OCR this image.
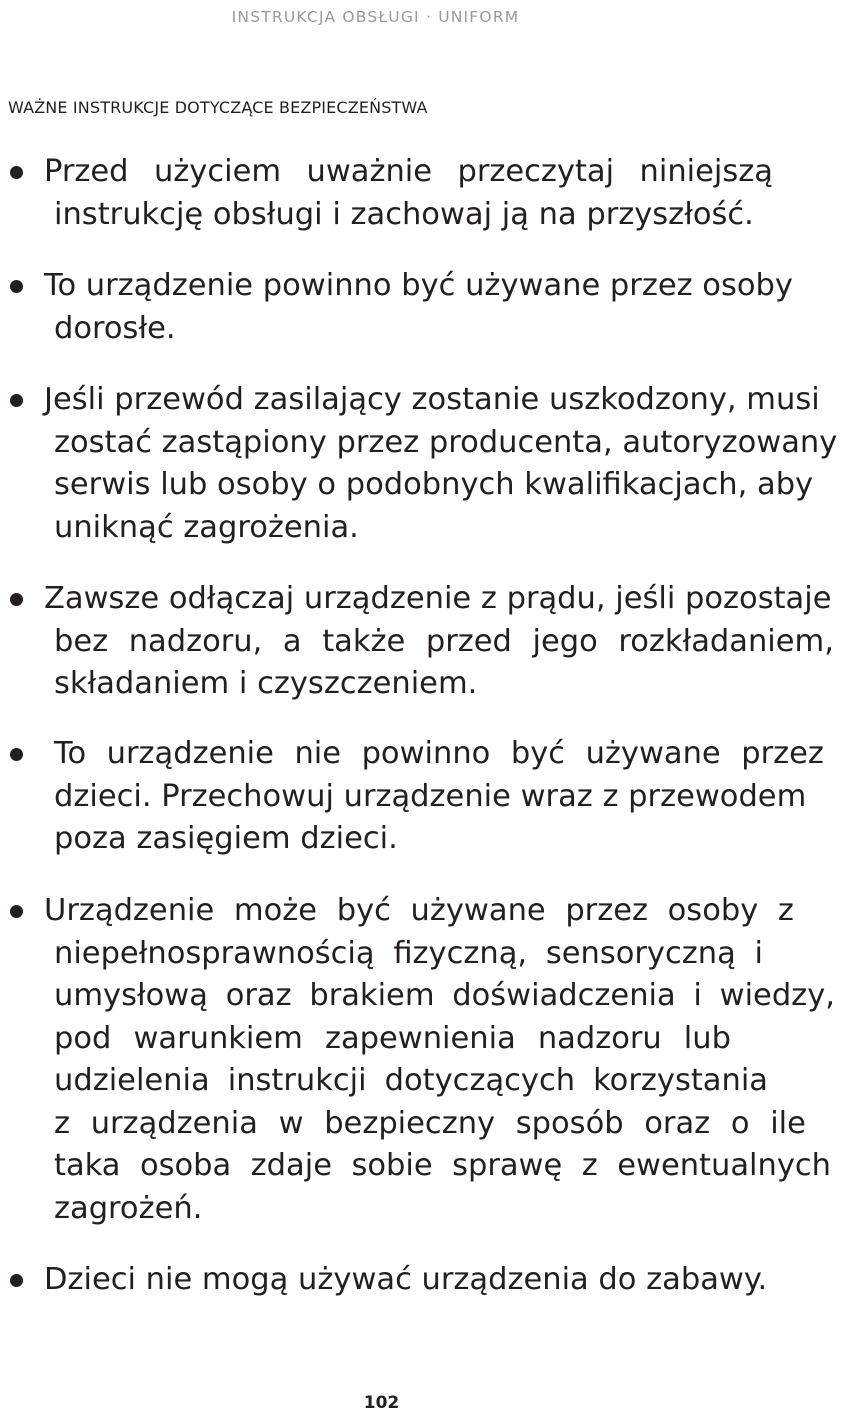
INSTRUKCJA OBSŁUGI · UNIFORM
WAŻNE INSTRUKCJE DOTYCZĄCE BEZPIECZEŃSTWA
Przed użyciem uważnie przeczytaj niniejszą
instrukcję obsługi i zachowaj ją na przyszłość.
To urządzenie powinno być używane przez osoby
dorosłe.
Jeśli przewód zasilający zostanie uszkodzony, musi
zostać zastąpiony przez producenta, autoryzowany
serwis lub osoby o podobnych kwalifikacjach, aby
uniknąć zagrożenia.
Zawsze odłączaj urządzenie z prądu, jeśli pozostaje
bez nadzoru, a także przed jego rozkładaniem,
składaniem i czyszczeniem.
To urządzenie nie powinno być używane przez
dzieci. Przechowuj urządzenie wraz z przewodem
poza zasięgiem dzieci.
Urządzenie może być używane przez osoby z
niepełnosprawnością fizyczną, sensoryczną i
umysłową oraz brakiem doświadczenia i wiedzy,
pod warunkiem zapewnienia nadzoru lub
udzielenia instrukcji dotyczących korzystania
z urządzenia w bezpieczny sposób oraz o ile
taka osoba zdaje sobie sprawę z ewentualnych
zagrożeń.
Dzieci nie mogą używać urządzenia do zabawy.
102
